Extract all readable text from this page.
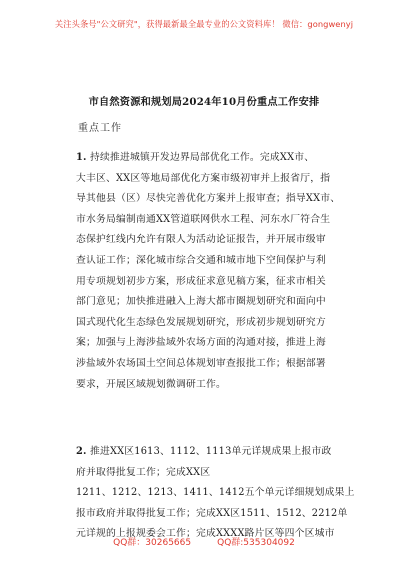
关注头条号"公文研究"，获得最新最全最专业的公文资料库！ 微信：gongwenyj
市自然资源和规划局2024年10月份重点工作安排
重点工作
1. 持续推进城镇开发边界局部优化工作。完成XX市、
大丰区、XX区等地局部优化方案市级初审并上报省厅，指
导其他县（区）尽快完善优化方案并上报审查；指导XX市、
市水务局编制南通XX管道联网供水工程、河东水厂符合生
态保护红线内允许有限人为活动论证报告，并开展市级审
查认证工作；深化城市综合交通和城市地下空间保护与利
用专项规划初步方案，形成征求意见稿方案，征求市相关
部门意见；加快推进融入上海大都市圈规划研究和面向中
国式现代化生态绿色发展规划研究，形成初步规划研究方
案；加强与上海涉盐域外农场方面的沟通对接，推进上海
涉盐域外农场国土空间总体规划审查报批工作；根据部署
要求，开展区域规划微调研工作。
2. 推进XX区1613、1112、1113单元详规成果上报市政
府并取得批复工作；完成XX区
1211、1212、1213、1411、1412五个单元详细规划成果上
报市政府并取得批复工作；完成XX区1511、1512、2212单
元详规的上报规委会工作；完成XXXX路片区等四个区城市
QQ群：30265665	QQ群:535304092
